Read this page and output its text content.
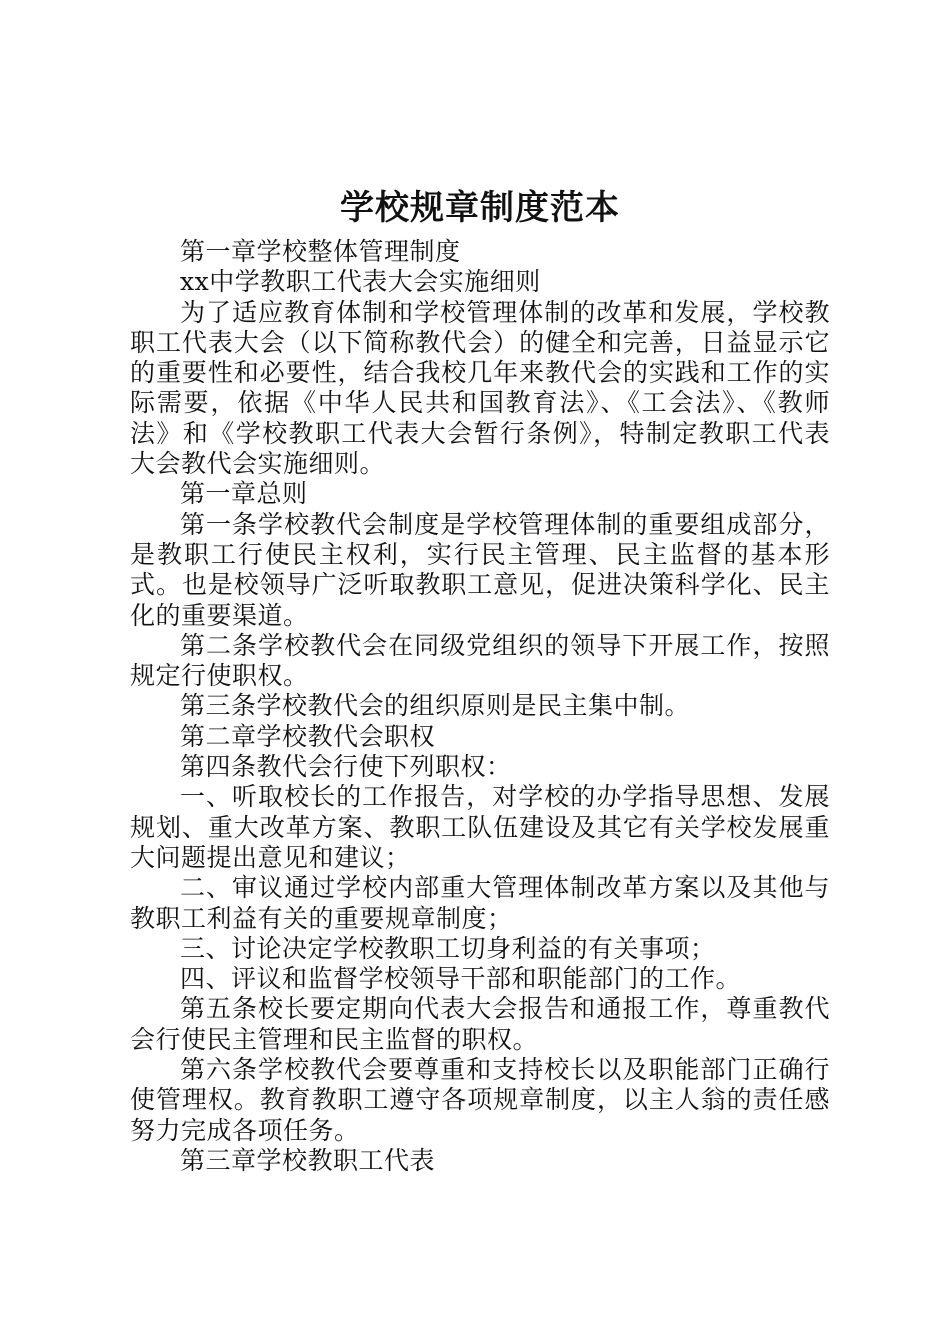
学校规章制度范本

第一章学校整体管理制度

xx中学教职工代表大会实施细则

为了适应教育体制和学校管理体制的改革和发展，学校教职工代表大会（以下简称教代会）的健全和完善，日益显示它的重要性和必要性，结合我校几年来教代会的实践和工作的实际需要，依据《中华人民共和国教育法》、《工会法》、《教师法》和《学校教职工代表大会暂行条例》，特制定教职工代表大会教代会实施细则。

第一章总则

第一条学校教代会制度是学校管理体制的重要组成部分，是教职工行使民主权利，实行民主管理、民主监督的基本形式。也是校领导广泛听取教职工意见，促进决策科学化、民主化的重要渠道。

第二条学校教代会在同级党组织的领导下开展工作，按照规定行使职权。

第三条学校教代会的组织原则是民主集中制。

第二章学校教代会职权

第四条教代会行使下列职权：

一、听取校长的工作报告，对学校的办学指导思想、发展规划、重大改革方案、教职工队伍建设及其它有关学校发展重大问题提出意见和建议；

二、审议通过学校内部重大管理体制改革方案以及其他与教职工利益有关的重要规章制度；

三、讨论决定学校教职工切身利益的有关事项；

四、评议和监督学校领导干部和职能部门的工作。

第五条校长要定期向代表大会报告和通报工作，尊重教代会行使民主管理和民主监督的职权。

第六条学校教代会要尊重和支持校长以及职能部门正确行使管理权。教育教职工遵守各项规章制度，以主人翁的责任感努力完成各项任务。

第三章学校教职工代表
